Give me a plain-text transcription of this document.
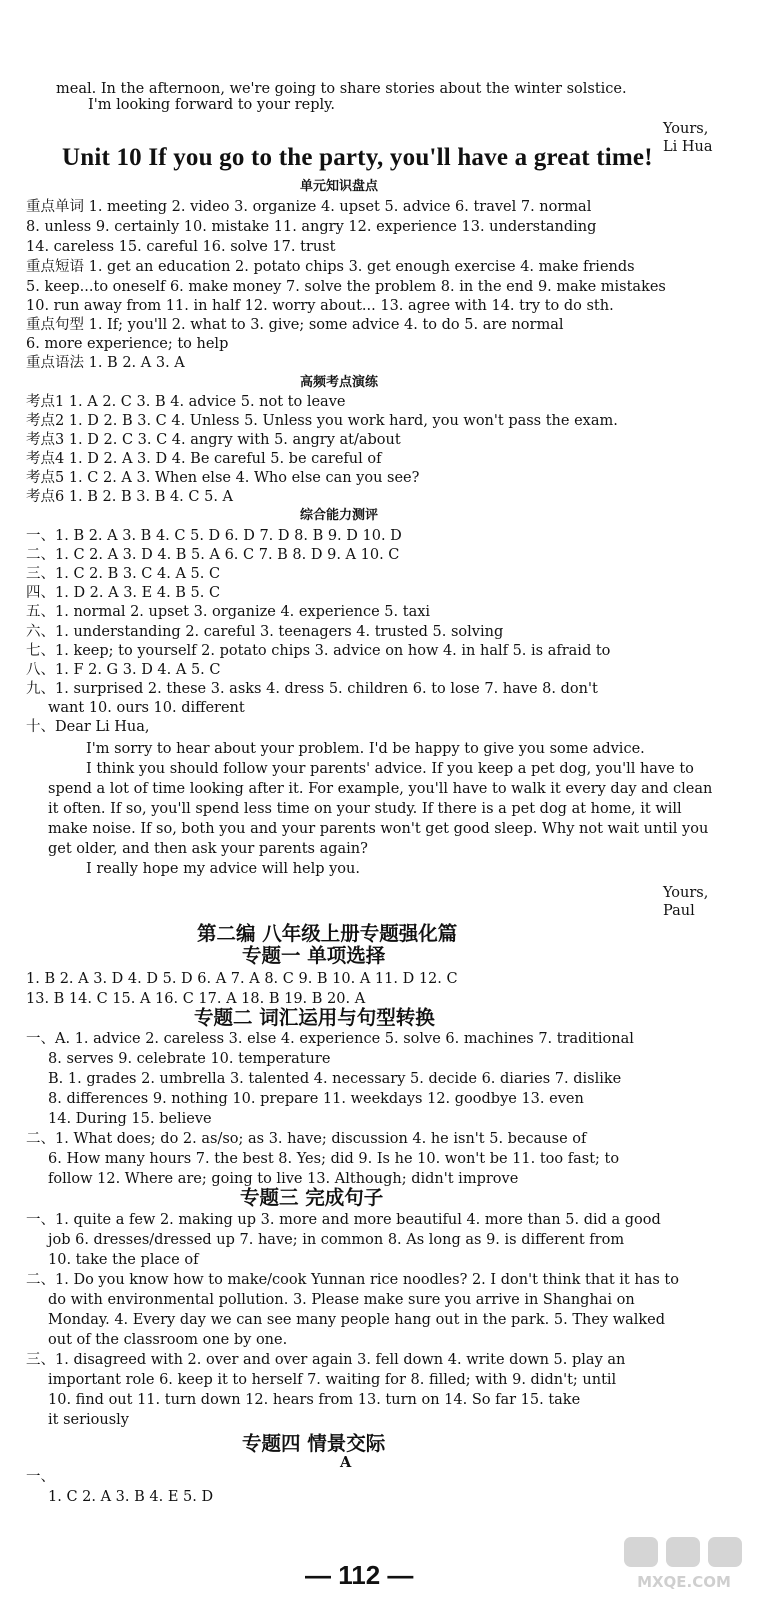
meal. In the afternoon, we're going to share stories about the winter solstice.
I'm looking forward to your reply.
Yours,
Li Hua
Unit 10 If you go to the party, you'll have a great time!
单元知识盘点
重点单词 1. meeting 2. video 3. organize 4. upset 5. advice 6. travel 7. normal
8. unless 9. certainly 10. mistake 11. angry 12. experience 13. understanding
14. careless 15. careful 16. solve 17. trust
重点短语 1. get an education 2. potato chips 3. get enough exercise 4. make friends
5. keep...to oneself 6. make money 7. solve the problem 8. in the end 9. make mistakes
10. run away from 11. in half 12. worry about... 13. agree with 14. try to do sth.
重点句型 1. If; you'll 2. what to 3. give; some advice 4. to do 5. are normal
6. more experience; to help
重点语法 1. B 2. A 3. A
高频考点演练
考点1 1. A 2. C 3. B 4. advice 5. not to leave
考点2 1. D 2. B 3. C 4. Unless 5. Unless you work hard, you won't pass the exam.
考点3 1. D 2. C 3. C 4. angry with 5. angry at/about
考点4 1. D 2. A 3. D 4. Be careful 5. be careful of
考点5 1. C 2. A 3. When else 4. Who else can you see?
考点6 1. B 2. B 3. B 4. C 5. A
综合能力测评
一、1. B 2. A 3. B 4. C 5. D 6. D 7. D 8. B 9. D 10. D
二、1. C 2. A 3. D 4. B 5. A 6. C 7. B 8. D 9. A 10. C
三、1. C 2. B 3. C 4. A 5. C
四、1. D 2. A 3. E 4. B 5. C
五、1. normal 2. upset 3. organize 4. experience 5. taxi
六、1. understanding 2. careful 3. teenagers 4. trusted 5. solving
七、1. keep; to yourself 2. potato chips 3. advice on how 4. in half 5. is afraid to
八、1. F 2. G 3. D 4. A 5. C
九、1. surprised 2. these 3. asks 4. dress 5. children 6. to lose 7. have 8. don't
want 10. ours 10. different
十、Dear Li Hua,
I'm sorry to hear about your problem. I'd be happy to give you some advice.
I think you should follow your parents' advice. If you keep a pet dog, you'll have to
spend a lot of time looking after it. For example, you'll have to walk it every day and clean
it often. If so, you'll spend less time on your study. If there is a pet dog at home, it will
make noise. If so, both you and your parents won't get good sleep. Why not wait until you
get older, and then ask your parents again?
I really hope my advice will help you.
Yours,
Paul
第二编 八年级上册专题强化篇
专题一 单项选择
1. B 2. A 3. D 4. D 5. D 6. A 7. A 8. C 9. B 10. A 11. D 12. C
13. B 14. C 15. A 16. C 17. A 18. B 19. B 20. A
专题二 词汇运用与句型转换
一、A. 1. advice 2. careless 3. else 4. experience 5. solve 6. machines 7. traditional
8. serves 9. celebrate 10. temperature
B. 1. grades 2. umbrella 3. talented 4. necessary 5. decide 6. diaries 7. dislike
8. differences 9. nothing 10. prepare 11. weekdays 12. goodbye 13. even
14. During 15. believe
二、1. What does; do 2. as/so; as 3. have; discussion 4. he isn't 5. because of
6. How many hours 7. the best 8. Yes; did 9. Is he 10. won't be 11. too fast; to
follow 12. Where are; going to live 13. Although; didn't improve
专题三 完成句子
一、1. quite a few 2. making up 3. more and more beautiful 4. more than 5. did a good
job 6. dresses/dressed up 7. have; in common 8. As long as 9. is different from
10. take the place of
二、1. Do you know how to make/cook Yunnan rice noodles? 2. I don't think that it has to
do with environmental pollution. 3. Please make sure you arrive in Shanghai on
Monday. 4. Every day we can see many people hang out in the park. 5. They walked
out of the classroom one by one.
三、1. disagreed with 2. over and over again 3. fell down 4. write down 5. play an
important role 6. keep it to herself 7. waiting for 8. filled; with 9. didn't; until
10. find out 11. turn down 12. hears from 13. turn on 14. So far 15. take
it seriously
专题四 情景交际
A
一、
1. C 2. A 3. B 4. E 5. D
— 112 —	MXQE.COM
